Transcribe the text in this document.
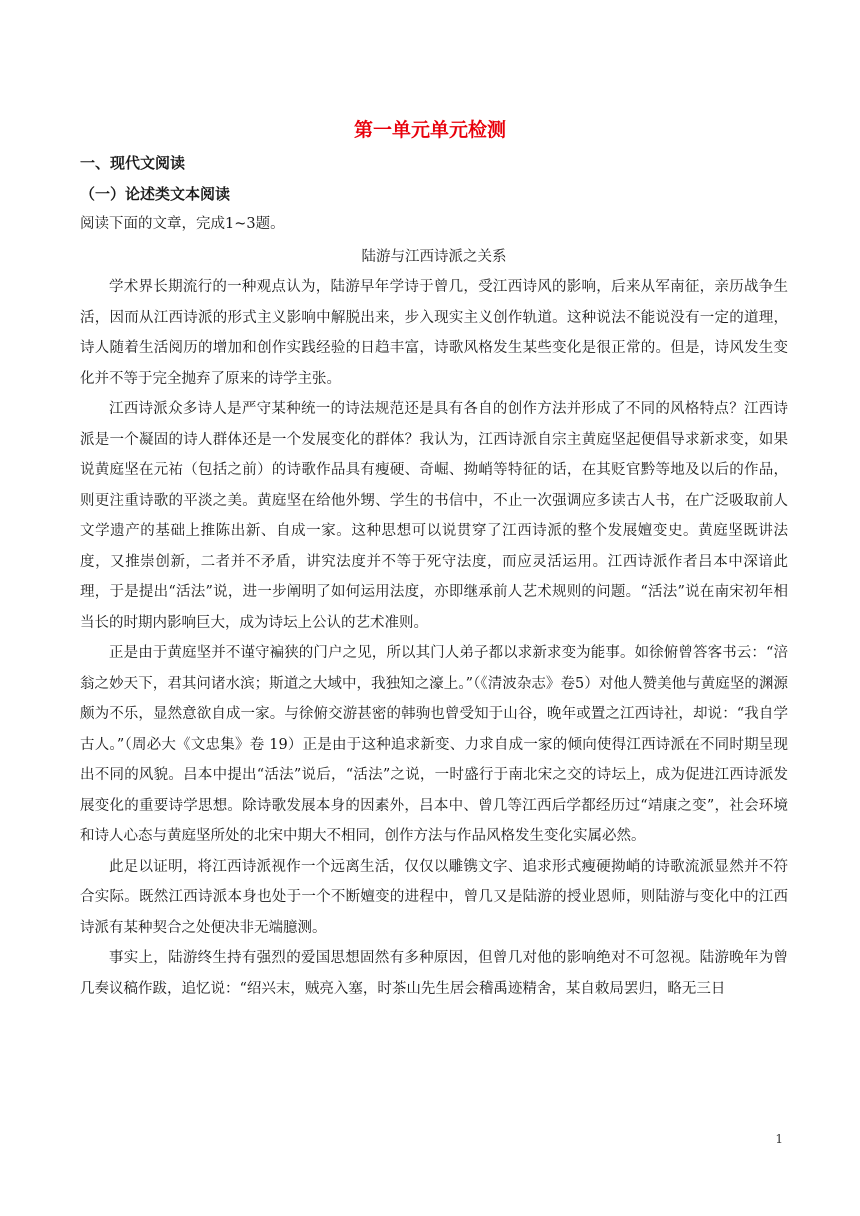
第一单元单元检测

一、现代文阅读

（一）论述类文本阅读

阅读下面的文章，完成1~3题。

陆游与江西诗派之关系

学术界长期流行的一种观点认为，陆游早年学诗于曾几，受江西诗风的影响，后来从军南征，亲历战争生活，因而从江西诗派的形式主义影响中解脱出来，步入现实主义创作轨道。这种说法不能说没有一定的道理，诗人随着生活阅历的增加和创作实践经验的日趋丰富，诗歌风格发生某些变化是很正常的。但是，诗风发生变化并不等于完全抛弃了原来的诗学主张。

江西诗派众多诗人是严守某种统一的诗法规范还是具有各自的创作方法并形成了不同的风格特点？江西诗派是一个凝固的诗人群体还是一个发展变化的群体？我认为，江西诗派自宗主黄庭坚起便倡导求新求变，如果说黄庭坚在元祐（包括之前）的诗歌作品具有瘦硬、奇崛、拗峭等特征的话，在其贬官黔等地及以后的作品，则更注重诗歌的平淡之美。黄庭坚在给他外甥、学生的书信中，不止一次强调应多读古人书，在广泛吸取前人文学遗产的基础上推陈出新、自成一家。这种思想可以说贯穿了江西诗派的整个发展嬗变史。黄庭坚既讲法度，又推崇创新，二者并不矛盾，讲究法度并不等于死守法度，而应灵活运用。江西诗派作者吕本中深谙此理，于是提出“活法”说，进一步阐明了如何运用法度，亦即继承前人艺术规则的问题。“活法”说在南宋初年相当长的时期内影响巨大，成为诗坛上公认的艺术准则。

正是由于黄庭坚并不谨守褊狭的门户之见，所以其门人弟子都以求新求变为能事。如徐俯曾答客书云：“涪翁之妙天下，君其问诸水滨；斯道之大域中，我独知之濠上。”（《清波杂志》卷5）对他人赞美他与黄庭坚的渊源颇为不乐，显然意欲自成一家。与徐俯交游甚密的韩驹也曾受知于山谷，晚年或置之江西诗社，却说：“我自学古人。”（周必大《文忠集》卷 19）正是由于这种追求新变、力求自成一家的倾向使得江西诗派在不同时期呈现出不同的风貌。吕本中提出“活法”说后，“活法”之说，一时盛行于南北宋之交的诗坛上，成为促进江西诗派发展变化的重要诗学思想。除诗歌发展本身的因素外，吕本中、曾几等江西后学都经历过“靖康之变”，社会环境和诗人心态与黄庭坚所处的北宋中期大不相同，创作方法与作品风格发生变化实属必然。

此足以证明，将江西诗派视作一个远离生活，仅仅以雕镌文字、追求形式瘦硬拗峭的诗歌流派显然并不符合实际。既然江西诗派本身也处于一个不断嬗变的进程中，曾几又是陆游的授业恩师，则陆游与变化中的江西诗派有某种契合之处便决非无端臆测。

事实上，陆游终生持有强烈的爱国思想固然有多种原因，但曾几对他的影响绝对不可忽视。陆游晚年为曾几奏议稿作跋，追忆说：“绍兴末，贼亮入塞，时茶山先生居会稽禹迹精舍，某自敕局罢归，略无三日

1
